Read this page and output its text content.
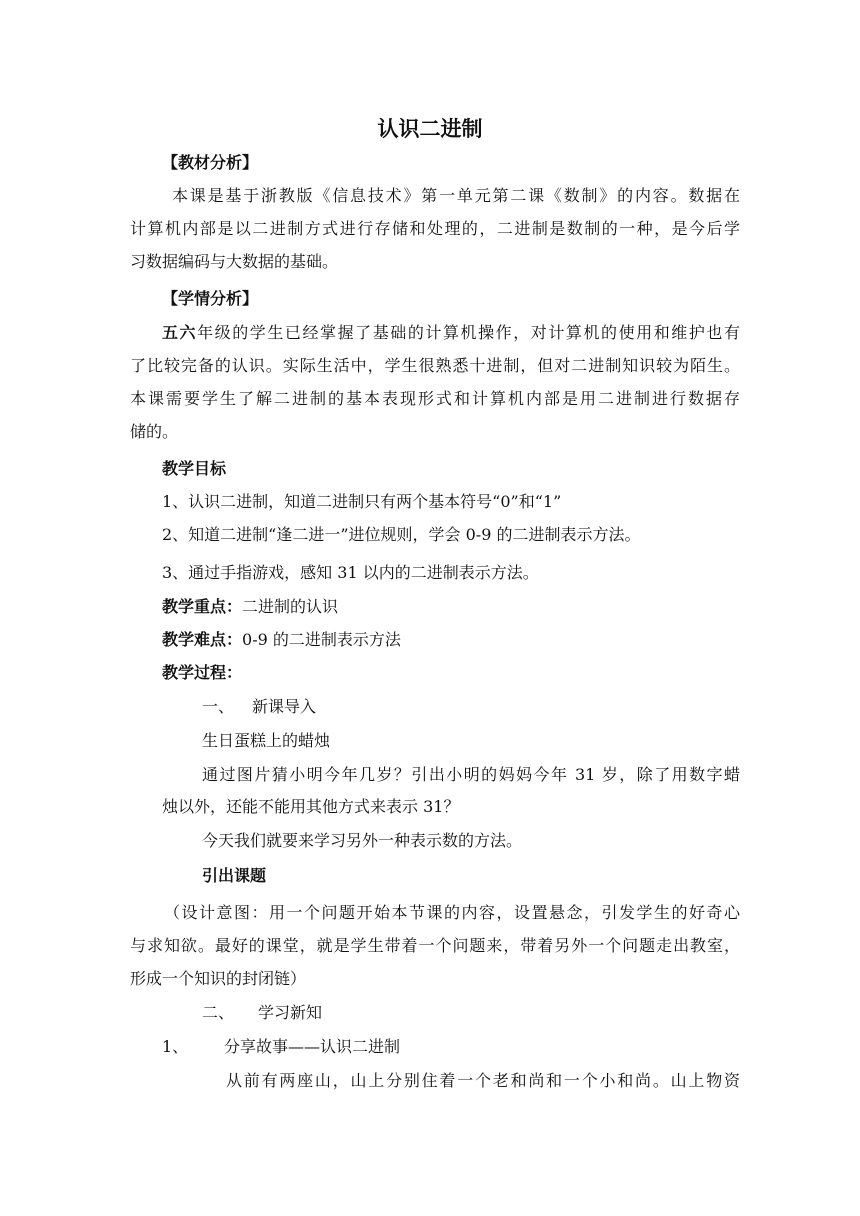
认识二进制
【教材分析】
本课是基于浙教版《信息技术》第一单元第二课《数制》的内容。数据在
计算机内部是以二进制方式进行存储和处理的，二进制是数制的一种，是今后学
习数据编码与大数据的基础。
【学情分析】
五六年级的学生已经掌握了基础的计算机操作，对计算机的使用和维护也有
了比较完备的认识。实际生活中，学生很熟悉十进制，但对二进制知识较为陌生。
本课需要学生了解二进制的基本表现形式和计算机内部是用二进制进行数据存
储的。
教学目标
1、认识二进制，知道二进制只有两个基本符号“0”和“1”
2、知道二进制“逢二进一”进位规则，学会 0-9 的二进制表示方法。
3、通过手指游戏，感知 31 以内的二进制表示方法。
教学重点：二进制的认识
教学难点：0-9 的二进制表示方法
教学过程：
一、	新课导入
生日蛋糕上的蜡烛
通过图片猜小明今年几岁？引出小明的妈妈今年 31 岁，除了用数字蜡
烛以外，还能不能用其他方式来表示 31？
今天我们就要来学习另外一种表示数的方法。
引出课题
（设计意图：用一个问题开始本节课的内容，设置悬念，引发学生的好奇心
与求知欲。最好的课堂，就是学生带着一个问题来，带着另外一个问题走出教室，
形成一个知识的封闭链）
二、	学习新知
1、	分享故事——认识二进制
从前有两座山，山上分别住着一个老和尚和一个小和尚。山上物资
